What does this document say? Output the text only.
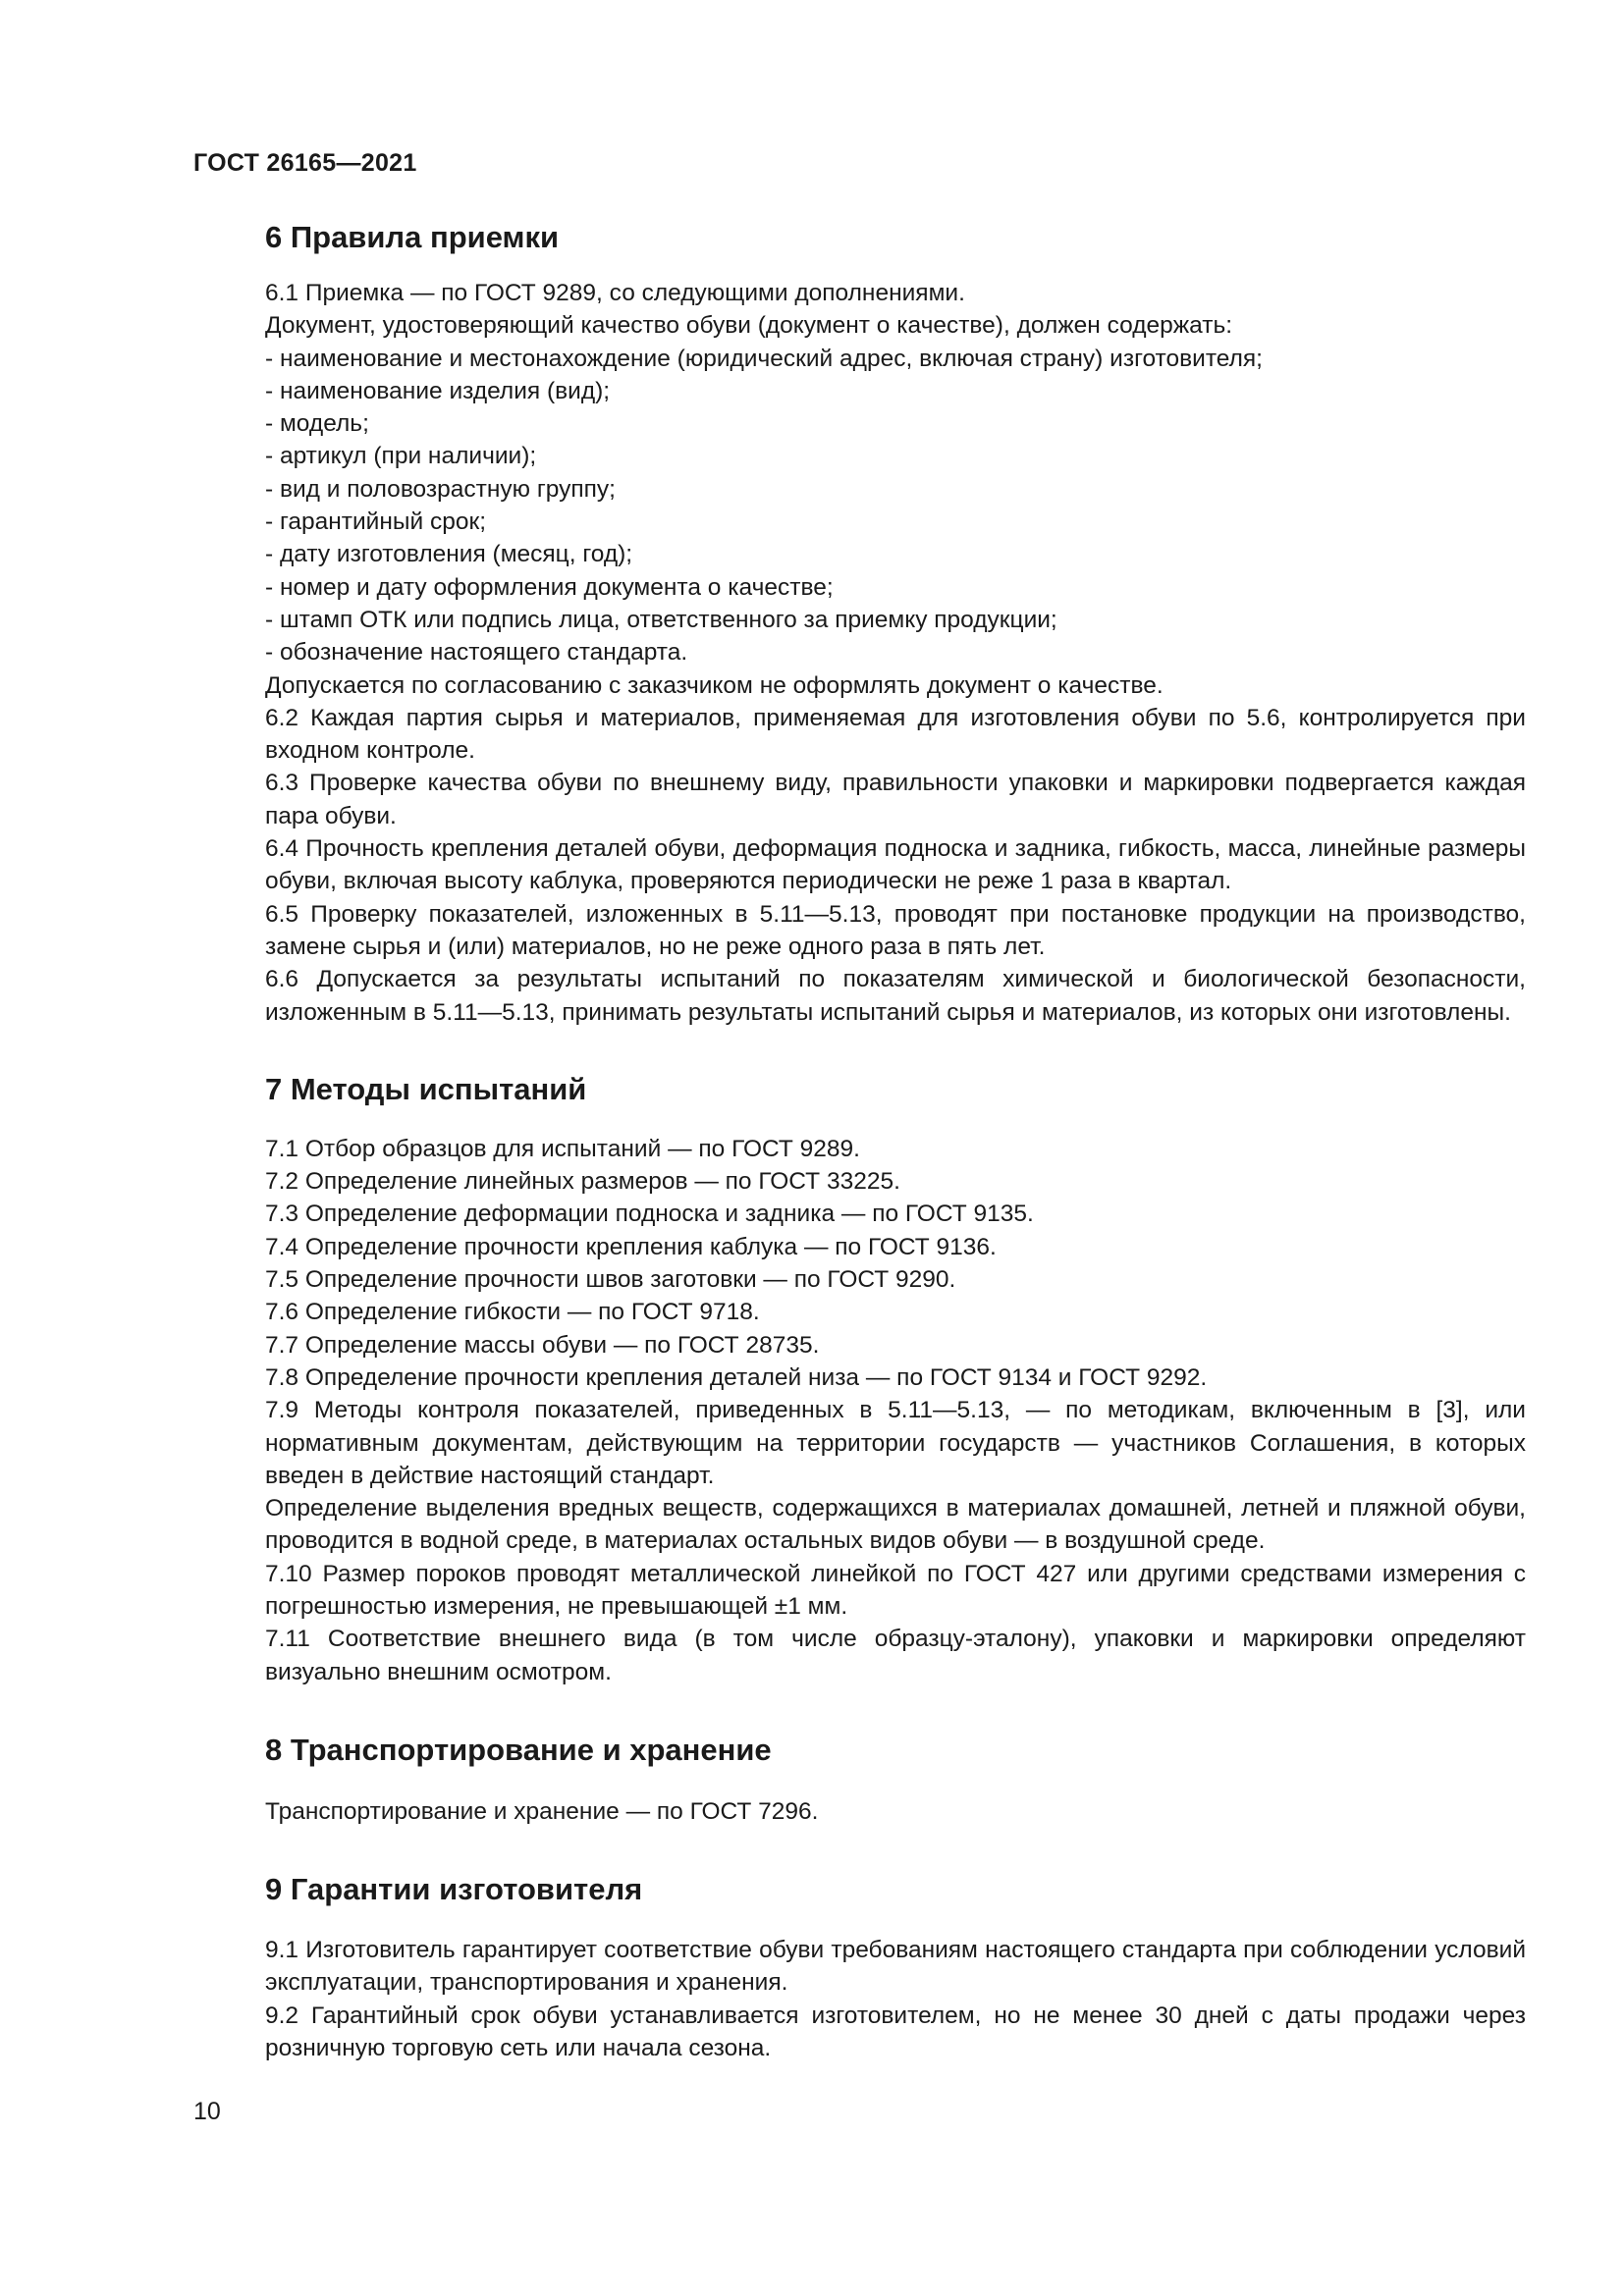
ГОСТ 26165—2021
6 Правила приемки

6.1 Приемка — по ГОСТ 9289, со следующими дополнениями.

Документ, удостоверяющий качество обуви (документ о качестве), должен содержать:

- наименование и местонахождение (юридический адрес, включая страну) изготовителя;

- наименование изделия (вид);

- модель;

- артикул (при наличии);

- вид и половозрастную группу;

- гарантийный срок;

- дату изготовления (месяц, год);

- номер и дату оформления документа о качестве;

- штамп ОТК или подпись лица, ответственного за приемку продукции;

- обозначение настоящего стандарта.

Допускается по согласованию с заказчиком не оформлять документ о качестве.

6.2 Каждая партия сырья и материалов, применяемая для изготовления обуви по 5.6, контролируется при входном контроле.

6.3 Проверке качества обуви по внешнему виду, правильности упаковки и маркировки подвергается каждая пара обуви.

6.4 Прочность крепления деталей обуви, деформация подноска и задника, гибкость, масса, линейные размеры обуви, включая высоту каблука, проверяются периодически не реже 1 раза в квартал.

6.5 Проверку показателей, изложенных в 5.11—5.13, проводят при постановке продукции на производство, замене сырья и (или) материалов, но не реже одного раза в пять лет.

6.6 Допускается за результаты испытаний по показателям химической и биологической безопасности, изложенным в 5.11—5.13, принимать результаты испытаний сырья и материалов, из которых они изготовлены.

7 Методы испытаний

7.1 Отбор образцов для испытаний — по ГОСТ 9289.

7.2 Определение линейных размеров — по ГОСТ 33225.

7.3 Определение деформации подноска и задника — по ГОСТ 9135.

7.4 Определение прочности крепления каблука — по ГОСТ 9136.

7.5 Определение прочности швов заготовки — по ГОСТ 9290.

7.6 Определение гибкости — по ГОСТ 9718.

7.7 Определение массы обуви — по ГОСТ 28735.

7.8 Определение прочности крепления деталей низа — по ГОСТ 9134 и ГОСТ 9292.

7.9 Методы контроля показателей, приведенных в 5.11—5.13, — по методикам, включенным в [3], или нормативным документам, действующим на территории государств — участников Соглашения, в которых введен в действие настоящий стандарт.

Определение выделения вредных веществ, содержащихся в материалах домашней, летней и пляжной обуви, проводится в водной среде, в материалах остальных видов обуви — в воздушной среде.

7.10 Размер пороков проводят металлической линейкой по ГОСТ 427 или другими средствами измерения с погрешностью измерения, не превышающей ±1 мм.

7.11 Соответствие внешнего вида (в том числе образцу-эталону), упаковки и маркировки определяют визуально внешним осмотром.

8 Транспортирование и хранение

Транспортирование и хранение — по ГОСТ 7296.

9 Гарантии изготовителя

9.1 Изготовитель гарантирует соответствие обуви требованиям настоящего стандарта при соблюдении условий эксплуатации, транспортирования и хранения.

9.2 Гарантийный срок обуви устанавливается изготовителем, но не менее 30 дней с даты продажи через розничную торговую сеть или начала сезона.

10
